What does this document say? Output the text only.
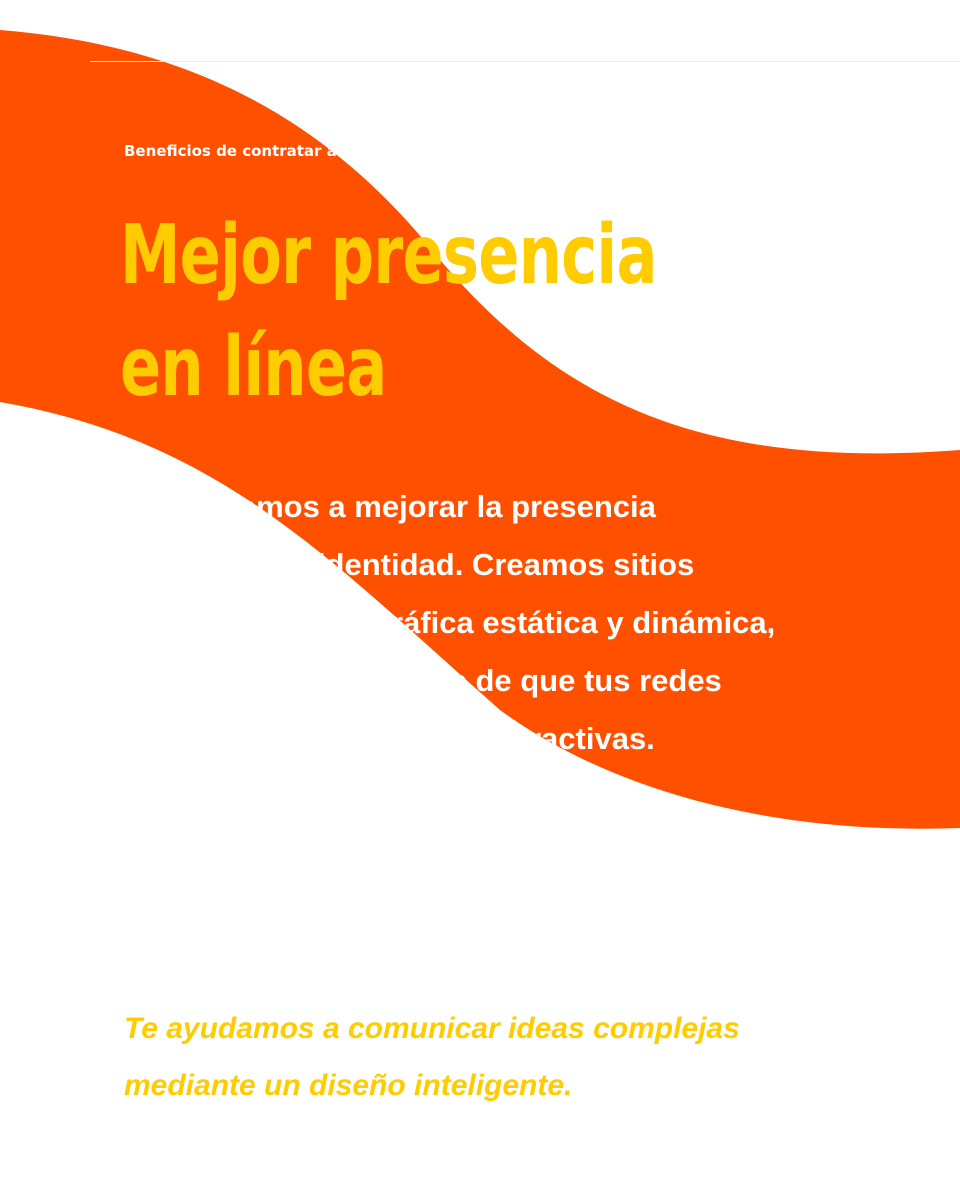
Beneficios de contratar a un
Mejor presencia
en línea
Te ayudamos a mejorar la presencia
gráfica de tu identidad. Creamos sitios
web, diseñamos gráfica estática y dinámica,
además nos ocupamos de que tus redes
sociales sean efectivas y atractivas.
Te ayudamos a comunicar ideas complejas
mediante un diseño inteligente.
